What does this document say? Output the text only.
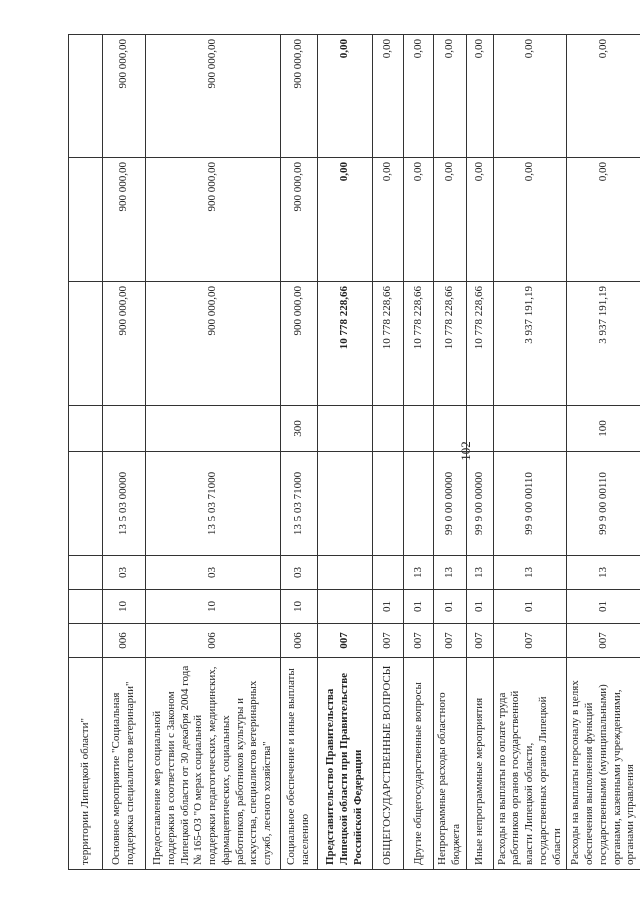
102
территории Липецкой области"								
Основное мероприятие "Социальная поддержка специалистов ветеринарии"	006	10	03	13 5 03 00000		900 000,00	900 000,00	900 000,00
Предоставление мер социальной поддержки в соответствии с Законом Липецкой области от 30 декабря 2004 года № 165-ОЗ "О мерах социальной поддержки педагогических, медицинских, фармацевтических, социальных работников, работников культуры и искусства, специалистов ветеринарных служб, лесного хозяйства"	006	10	03	13 5 03 71000		900 000,00	900 000,00	900 000,00
Социальное обеспечение и иные выплаты населению	006	10	03	13 5 03 71000	300	900 000,00	900 000,00	900 000,00
Представительство Правительства Липецкой области при Правительстве Российской Федерации	007					10 778 228,66	0,00	0,00
ОБЩЕГОСУДАРСТВЕННЫЕ ВОПРОСЫ	007	01				10 778 228,66	0,00	0,00
Другие общегосударственные вопросы	007	01	13			10 778 228,66	0,00	0,00
Непрограммные расходы областного бюджета	007	01	13	99 0 00 00000		10 778 228,66	0,00	0,00
Иные непрограммные мероприятия	007	01	13	99 9 00 00000		10 778 228,66	0,00	0,00
Расходы на выплаты по оплате труда работников органов государственной власти Липецкой области, государственных органов Липецкой области	007	01	13	99 9 00 00110		3 937 191,19	0,00	0,00
Расходы на выплаты персоналу в целях обеспечения выполнения функций государственными (муниципальными) органами, казенными учреждениями, органами управления	007	01	13	99 9 00 00110	100	3 937 191,19	0,00	0,00
